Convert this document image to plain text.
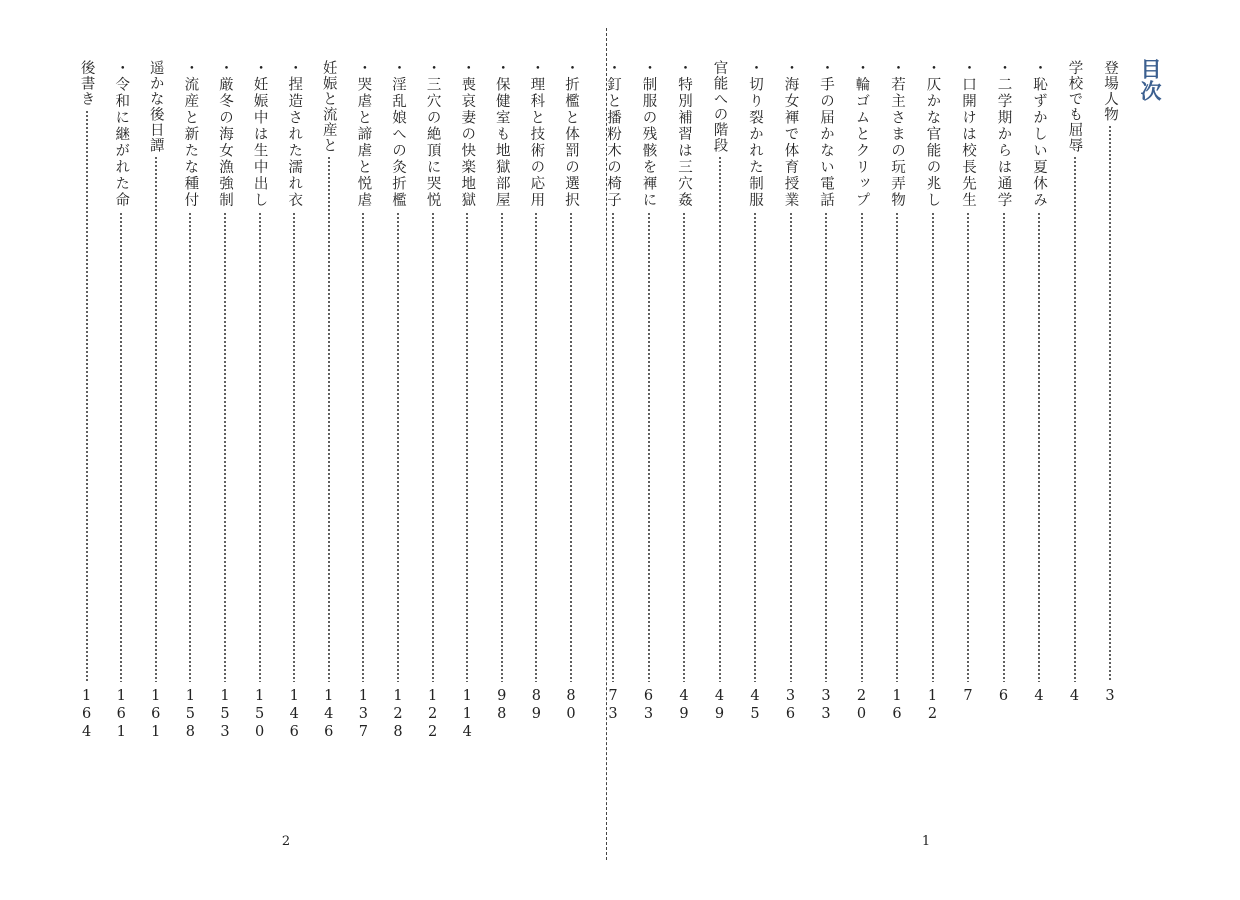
目次
登場人物
3
学校でも屈辱
4
・恥ずかしい夏休み
4
・二学期からは通学
6
・口開けは校長先生
7
・仄かな官能の兆し
12
・若主さまの玩弄物
16
・輪ゴムとクリップ
20
・手の届かない電話
33
・海女褌で体育授業
36
・切り裂かれた制服
45
官能への階段
49
・特別補習は三穴姦
49
・制服の残骸を褌に
63
・釘と播粉木の椅子
73
・折檻と体罰の選択
80
・理科と技術の応用
89
・保健室も地獄部屋
98
・喪哀妻の快楽地獄
114
・三穴の絶頂に哭悦
122
・淫乱娘への灸折檻
128
・哭虐と諦虐と悦虐
137
妊娠と流産と
146
・捏造された濡れ衣
146
・妊娠中は生中出し
150
・厳冬の海女漁強制
153
・流産と新たな種付
158
遥かな後日譚
161
・令和に継がれた命
161
後書き
164
1
2
